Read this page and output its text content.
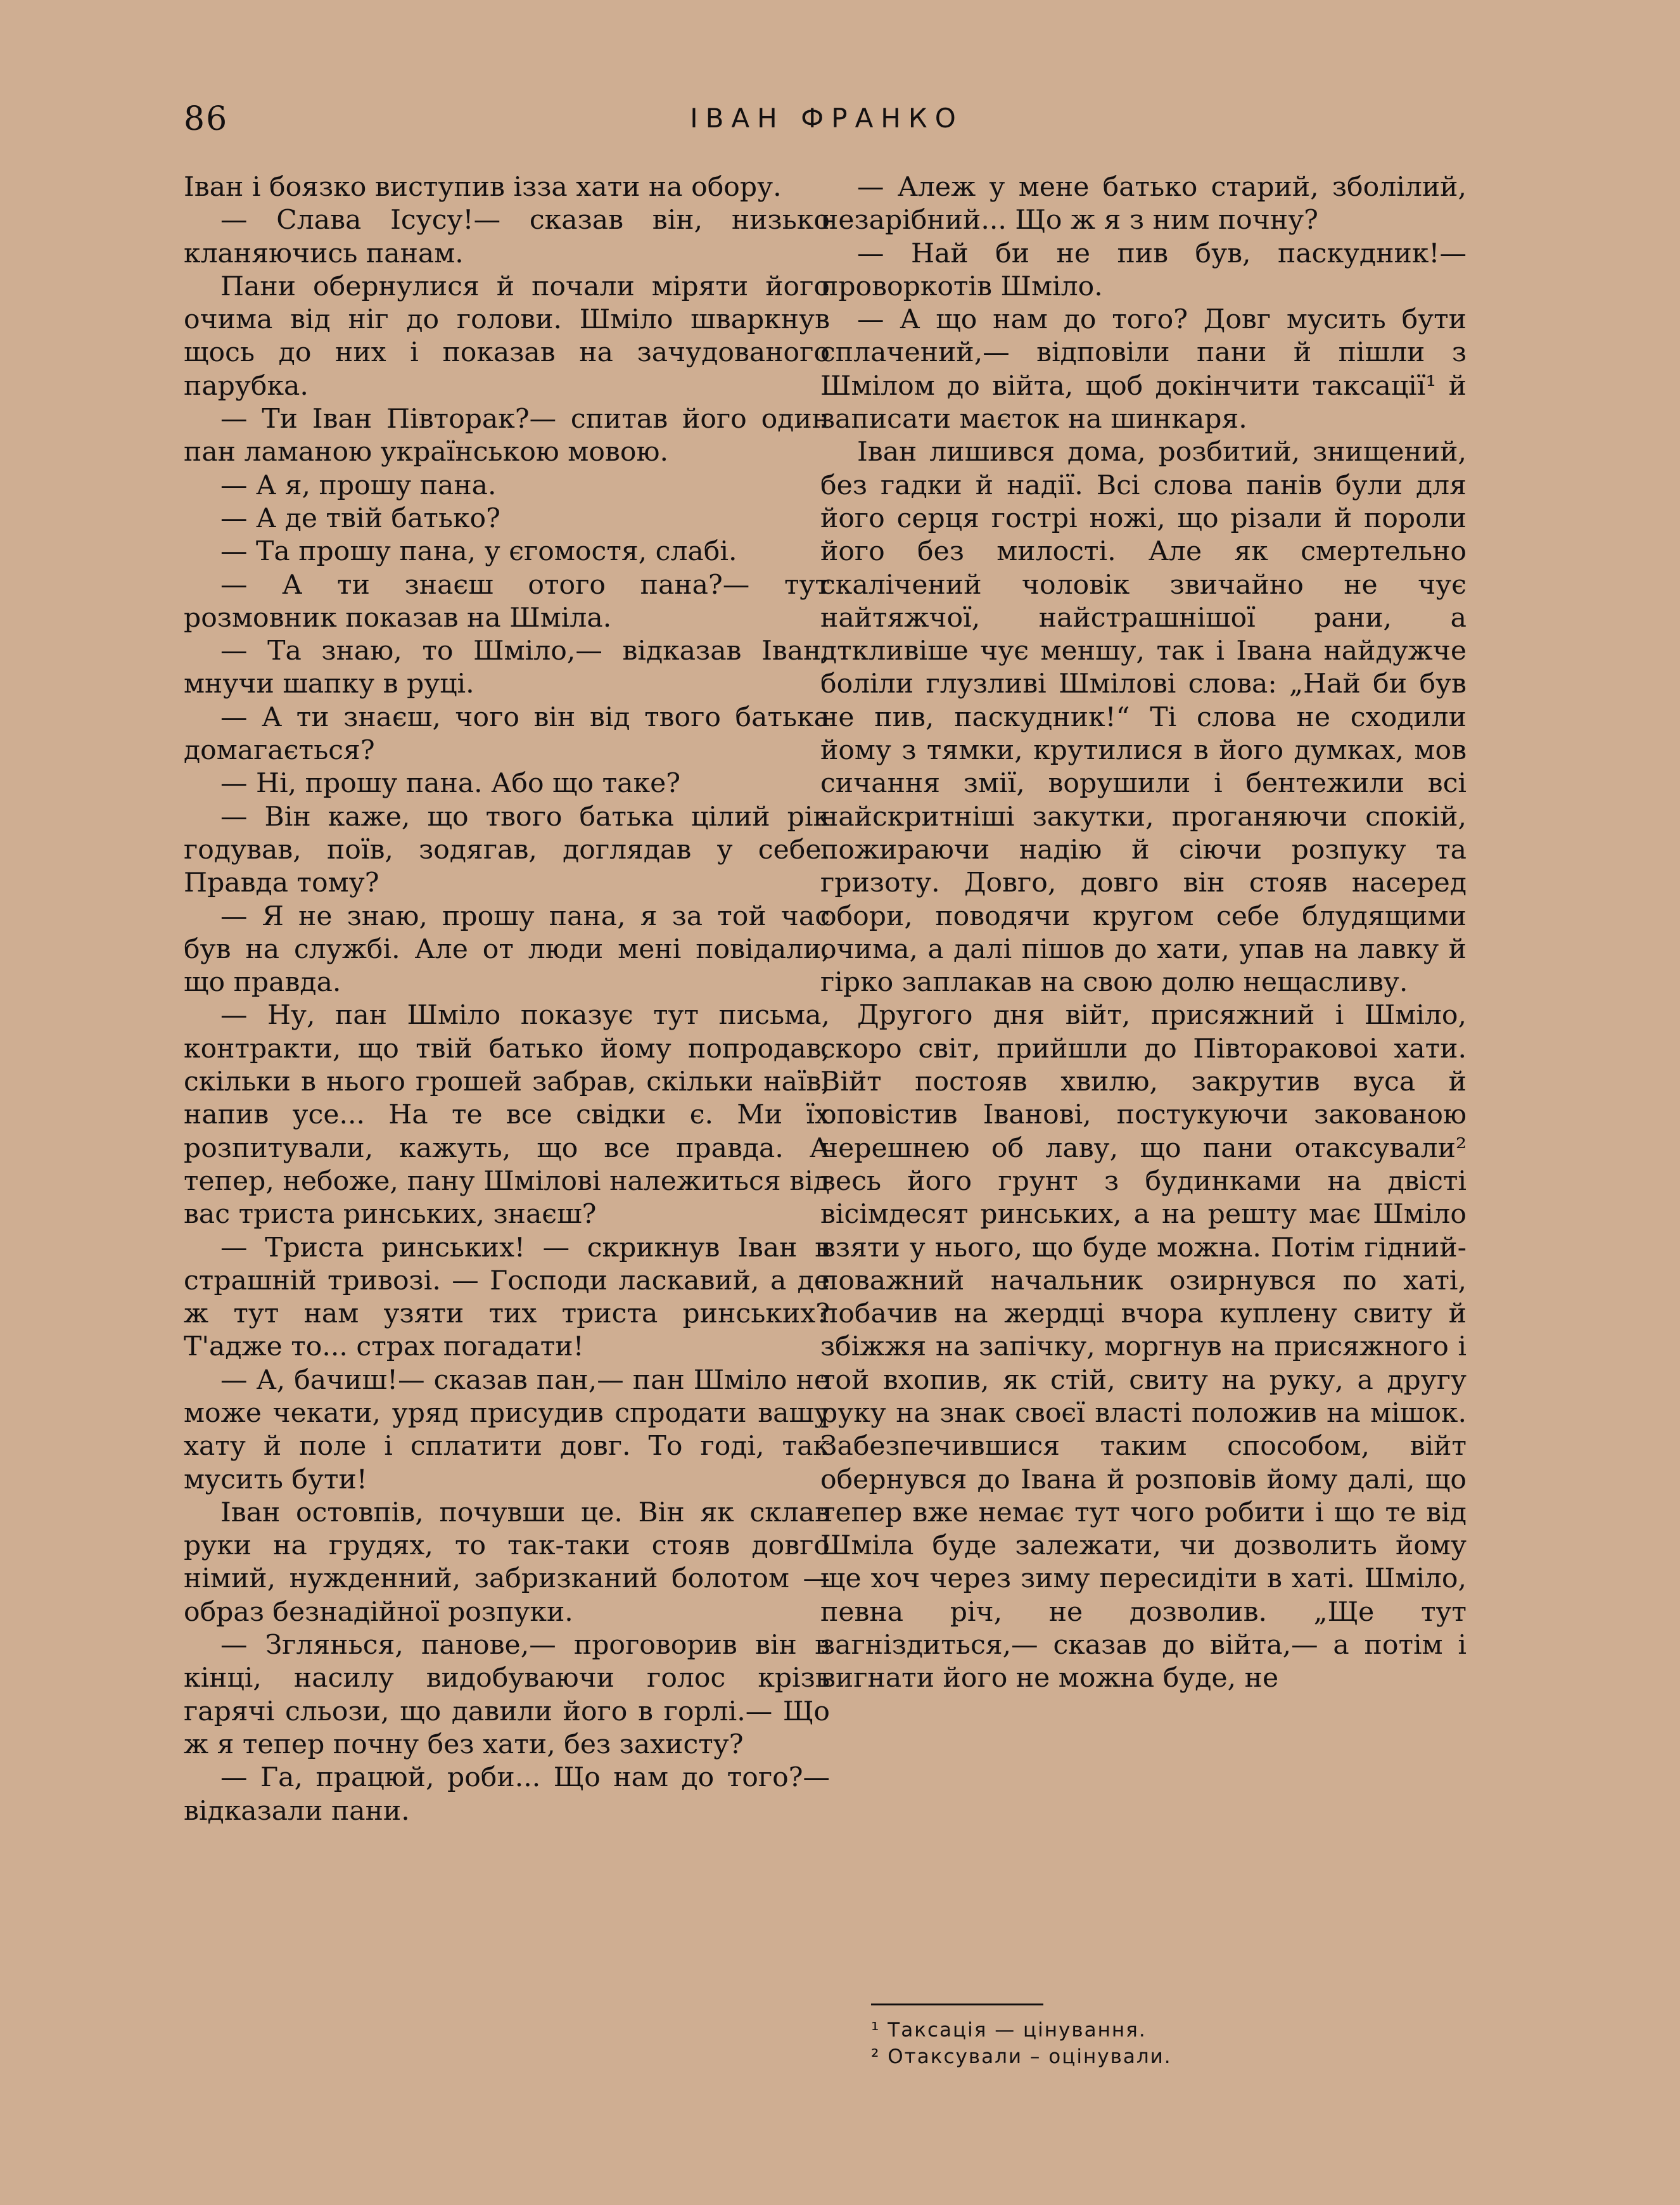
86	ІВАН ФРАНКО

Іван і боязко виступив ізза хати на обору.

— Слава Ісусу!— сказав він, низько кланяючись панам.

Пани обернулися й почали міряти його очима від ніг до голови. Шміло шваркнув щось до них і показав на зачудованого парубка.

— Ти Іван Півторак?— спитав його один пан ламаною українською мовою.

— А я, прошу пана.

— А де твій батько?

— Та прошу пана, у єгомостя, слабі.

— А ти знаєш отого пана?— тут розмовник показав на Шміла.

— Та знаю, то Шміло,— відказав Іван, мнучи шапку в руці.

— А ти знаєш, чого він від твого батька домагається?

— Ні, прошу пана. Або що таке?

— Він каже, що твого батька цілий рік годував, поїв, зодягав, доглядав у себе. Правда тому?

— Я не знаю, прошу пана, я за той час був на службі. Але от люди мені повідали, що правда.

— Ну, пан Шміло показує тут письма, контракти, що твій батько йому попродав, скільки в нього грошей забрав, скільки наїв, напив усе... На те все свідки є. Ми їх розпитували, кажуть, що все правда. А тепер, небоже, пану Шмілові належиться від вас триста ринських, знаєш?

— Триста ринських! — скрикнув Іван в страшній тривозі. — Господи ласкавий, а де ж тут нам узяти тих триста ринських? Т'адже то... страх погадати!

— А, бачиш!— сказав пан,— пан Шміло не може чекати, уряд присудив спродати вашу хату й поле і сплатити довг. То годі, так мусить бути!

Іван остовпів, почувши це. Він як склав руки на грудях, то так-таки стояв довго німий, нужденний, забризканий болотом — образ безнадійної розпуки.

— Зглянься, панове,— проговорив він в кінці, насилу видобуваючи голос крізь гарячі сльози, що давили його в горлі.— Що ж я тепер почну без хати, без захисту?

— Га, працюй, роби... Що нам до того?— відказали пани.

— Алеж у мене батько старий, зболілий, незарібний... Що ж я з ним почну?

— Най би не пив був, паскудник!— проворкотів Шміло.

— А що нам до того? Довг мусить бути сплачений,— відповіли пани й пішли з Шмілом до війта, щоб докінчити таксації¹ й записати маєток на шинкаря.

Іван лишився дома, розбитий, знищений, без гадки й надії. Всі слова панів були для його серця гострі ножі, що різали й пороли його без милості. Але як смертельно скалічений чоловік звичайно не чує найтяжчої, найстрашнішої рани, а дткливіше чує меншу, так і Івана найдужче боліли глузливі Шмілові слова: „Най би був не пив, паскудник!“ Ті слова не сходили йому з тямки, крутилися в його думках, мов сичання змії, ворушили і бентежили всі найскритніші закутки, проганяючи спокій, пожираючи надію й сіючи розпуку та гризоту. Довго, довго він стояв насеред обори, поводячи кругом себе блудящими очима, а далі пішов до хати, упав на лавку й гірко заплакав на свою долю нещасливу.

Другого дня війт, присяжний і Шміло, скоро світ, прийшли до Півтораковоі хати. Війт постояв хвилю, закрутив вуса й оповістив Іванові, постукуючи закованою черешнею об лаву, що пани отаксували² весь його грунт з будинками на двісті вісімдесят ринських, а на решту має Шміло взяти у нього, що буде можна. Потім гідний-поважний начальник озирнувся по хаті, побачив на жердці вчора куплену свиту й збіжжя на запічку, моргнув на присяжного і той вхопив, як стій, свиту на руку, а другу руку на знак своєї власті положив на мішок. Забезпечившися таким способом, війт обернувся до Івана й розповів йому далі, що тепер вже немає тут чого робити і що те від Шміла буде залежати, чи дозволить йому ще хоч через зиму пересидіти в хаті. Шміло, певна річ, не дозволив. „Ще тут загніздиться,— сказав до війта,— а потім і вигнати його не можна буде, не

¹ Таксація — цінування.

² Отаксували – оцінували.
